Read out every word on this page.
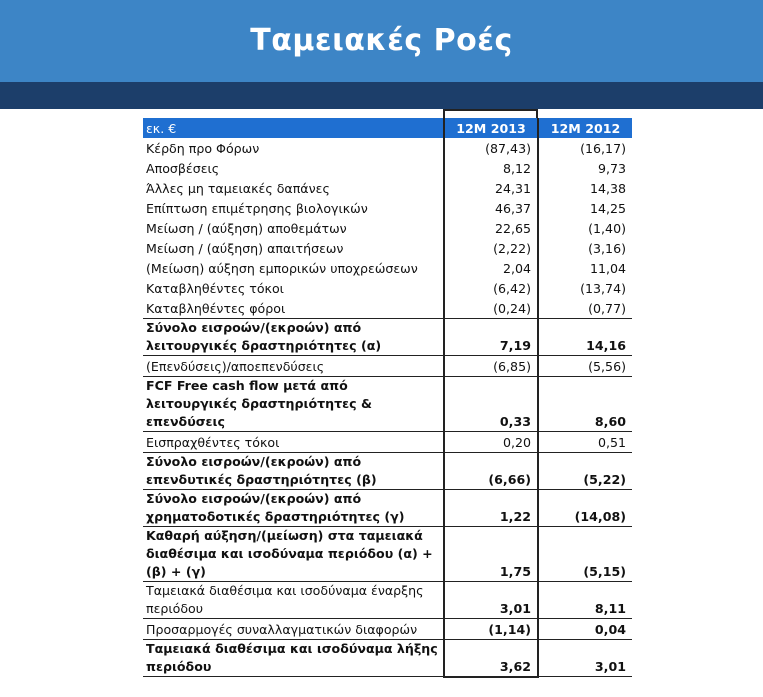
Ταμειακές Ροές
εκ. €	12M 2013	12M 2012
Κέρδη προ Φόρων	(87,43)	(16,17)
Αποσβέσεις	8,12	9,73
Άλλες μη ταμειακές δαπάνες	24,31	14,38
Επίπτωση επιμέτρησης βιολογικών	46,37	14,25
Μείωση / (αύξηση) αποθεμάτων	22,65	(1,40)
Μείωση / (αύξηση) απαιτήσεων	(2,22)	(3,16)
(Μείωση) αύξηση εμπορικών υποχρεώσεων	2,04	11,04
Καταβληθέντες τόκοι	(6,42)	(13,74)
Καταβληθέντες φόροι	(0,24)	(0,77)
Σύνολο εισροών/(εκροών) από λειτουργικές δραστηριότητες (α)	7,19	14,16
(Επενδύσεις)/αποεπενδύσεις	(6,85)	(5,56)
FCF Free cash flow μετά από λειτουργικές δραστηριότητες & επενδύσεις	0,33	8,60
Εισπραχθέντες τόκοι	0,20	0,51
Σύνολο εισροών/(εκροών) από επενδυτικές δραστηριότητες (β)	(6,66)	(5,22)
Σύνολο εισροών/(εκροών) από χρηματοδοτικές δραστηριότητες (γ)	1,22	(14,08)
Καθαρή αύξηση/(μείωση) στα ταμειακά διαθέσιμα και ισοδύναμα περιόδου (α) + (β) + (γ)	1,75	(5,15)
Ταμειακά διαθέσιμα και ισοδύναμα έναρξης περιόδου	3,01	8,11
Προσαρμογές συναλλαγματικών διαφορών	(1,14)	0,04
Ταμειακά διαθέσιμα και ισοδύναμα λήξης περιόδου	3,62	3,01
